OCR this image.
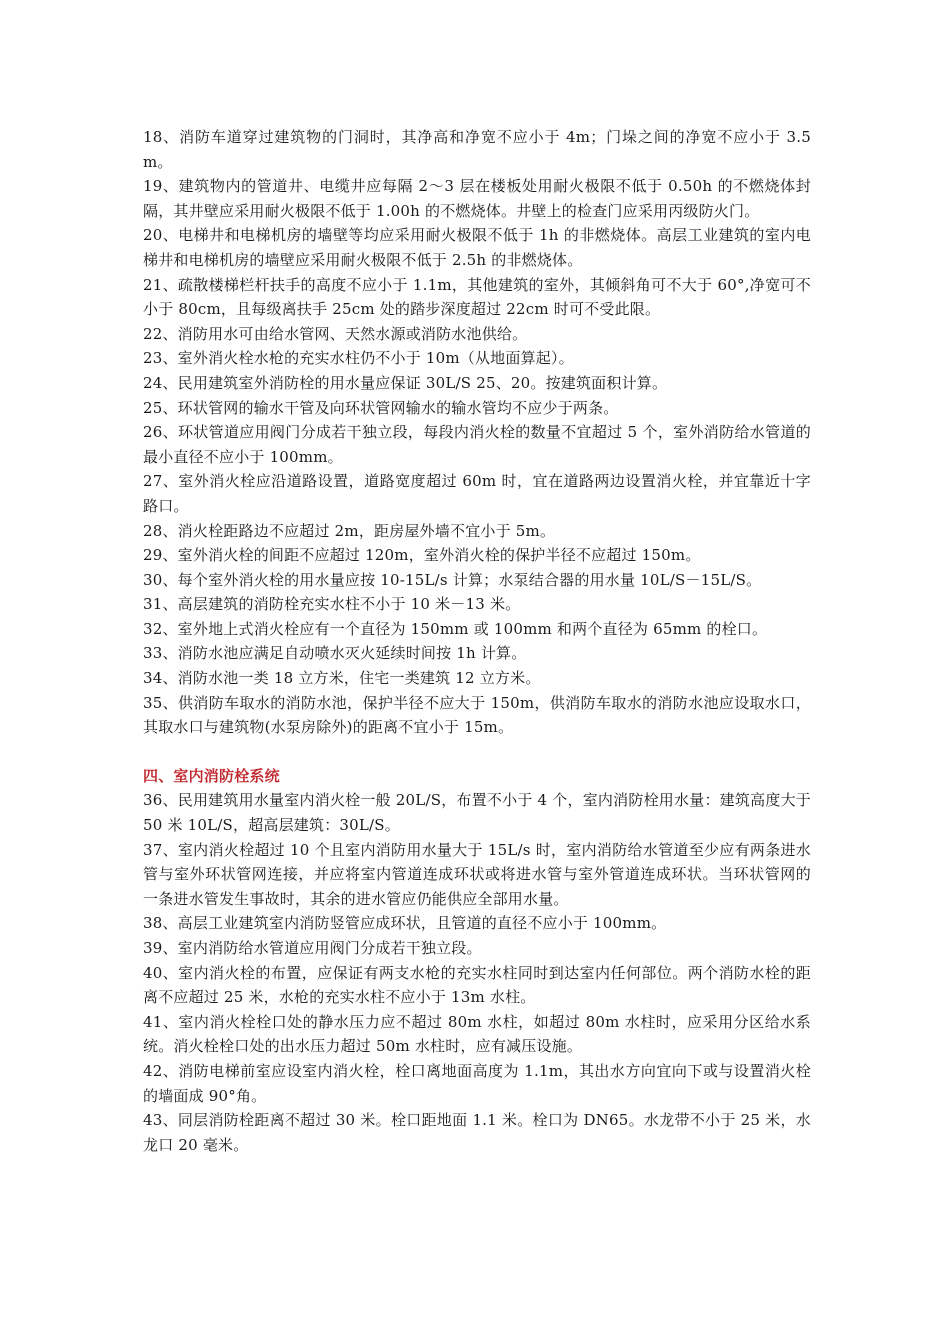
18、消防车道穿过建筑物的门洞时，其净高和净宽不应小于 4m；门垛之间的净宽不应小于 3.5m。

19、建筑物内的管道井、电缆井应每隔 2～3 层在楼板处用耐火极限不低于 0.50h 的不燃烧体封隔，其井壁应采用耐火极限不低于 1.00h 的不燃烧体。井壁上的检查门应采用丙级防火门。

20、电梯井和电梯机房的墙壁等均应采用耐火极限不低于 1h 的非燃烧体。高层工业建筑的室内电梯井和电梯机房的墙壁应采用耐火极限不低于 2.5h 的非燃烧体。

21、疏散楼梯栏杆扶手的高度不应小于 1.1m，其他建筑的室外，其倾斜角可不大于 60°,净宽可不小于 80cm，且每级离扶手 25cm 处的踏步深度超过 22cm 时可不受此限。

22、消防用水可由给水管网、天然水源或消防水池供给。

23、室外消火栓水枪的充实水柱仍不小于 10m（从地面算起）。

24、民用建筑室外消防栓的用水量应保证 30L/S 25、20。按建筑面积计算。

25、环状管网的输水干管及向环状管网输水的输水管均不应少于两条。

26、环状管道应用阀门分成若干独立段，每段内消火栓的数量不宜超过 5 个，室外消防给水管道的最小直径不应小于 100mm。

27、室外消火栓应沿道路设置，道路宽度超过 60m 时，宜在道路两边设置消火栓，并宜靠近十字路口。

28、消火栓距路边不应超过 2m，距房屋外墙不宜小于 5m。

29、室外消火栓的间距不应超过 120m，室外消火栓的保护半径不应超过 150m。

30、每个室外消火栓的用水量应按 10-15L/s 计算；水泵结合器的用水量 10L/S－15L/S。

31、高层建筑的消防栓充实水柱不小于 10 米－13 米。

32、室外地上式消火栓应有一个直径为 150mm 或 100mm 和两个直径为 65mm 的栓口。

33、消防水池应满足自动喷水灭火延续时间按 1h 计算。

34、消防水池一类 18 立方米，住宅一类建筑 12 立方米。

35、供消防车取水的消防水池，保护半径不应大于 150m，供消防车取水的消防水池应设取水口，其取水口与建筑物(水泵房除外)的距离不宜小于 15m。

四、室内消防栓系统

36、民用建筑用水量室内消火栓一般 20L/S，布置不小于 4 个，室内消防栓用水量：建筑高度大于 50 米 10L/S，超高层建筑：30L/S。

37、室内消火栓超过 10 个且室内消防用水量大于 15L/s 时，室内消防给水管道至少应有两条进水管与室外环状管网连接，并应将室内管道连成环状或将进水管与室外管道连成环状。当环状管网的一条进水管发生事故时，其余的进水管应仍能供应全部用水量。

38、高层工业建筑室内消防竖管应成环状，且管道的直径不应小于 100mm。

39、室内消防给水管道应用阀门分成若干独立段。

40、室内消火栓的布置，应保证有两支水枪的充实水柱同时到达室内任何部位。两个消防水栓的距离不应超过 25 米，水枪的充实水柱不应小于 13m 水柱。

41、室内消火栓栓口处的静水压力应不超过 80m 水柱，如超过 80m 水柱时，应采用分区给水系统。消火栓栓口处的出水压力超过 50m 水柱时，应有减压设施。

42、消防电梯前室应设室内消火栓，栓口离地面高度为 1.1m，其出水方向宜向下或与设置消火栓的墙面成 90°角。

43、同层消防栓距离不超过 30 米。栓口距地面 1.1 米。栓口为 DN65。水龙带不小于 25 米，水龙口 20 毫米。
